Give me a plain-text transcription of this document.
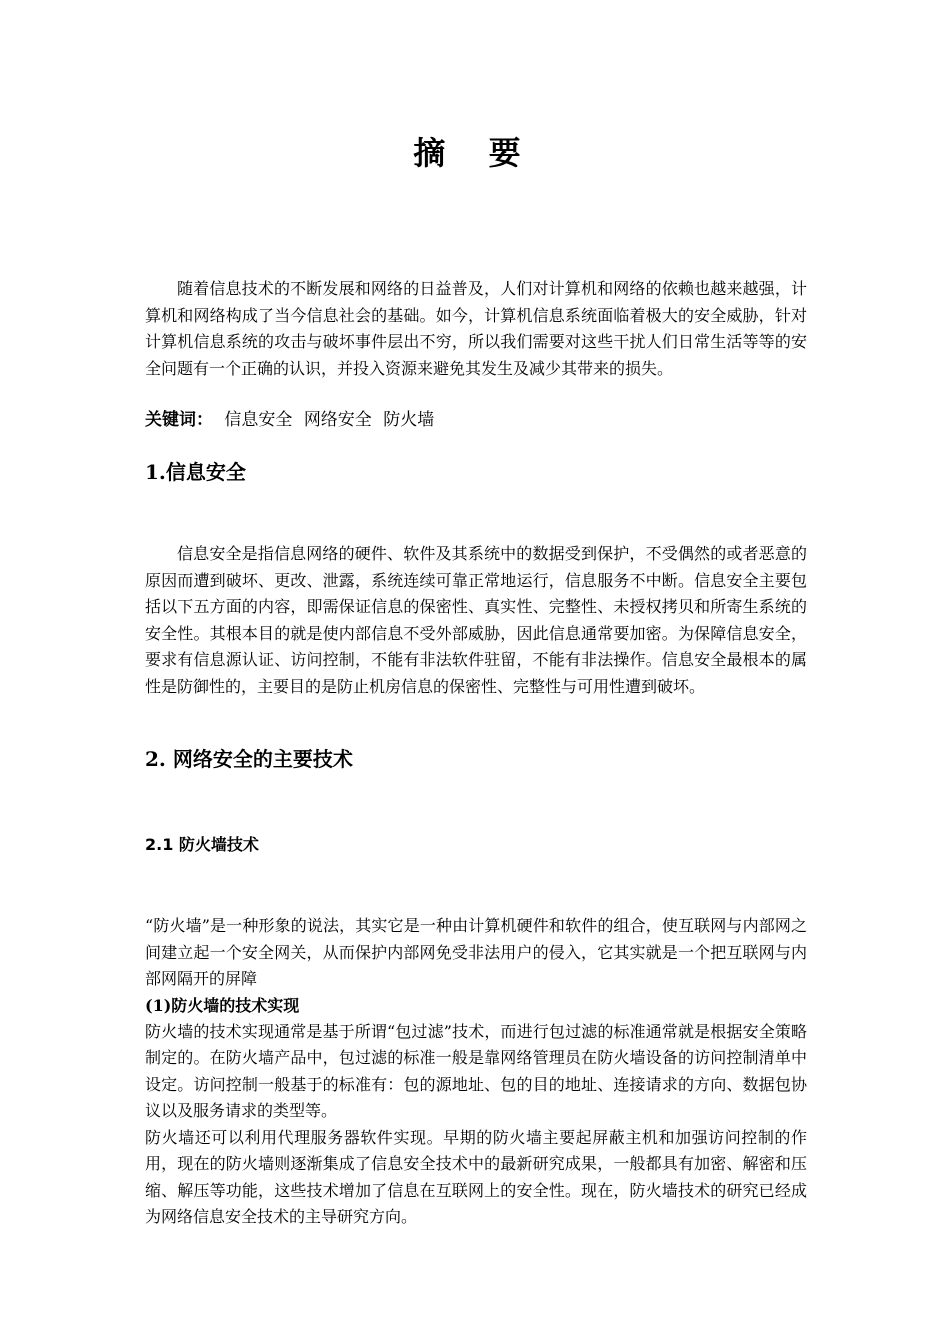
摘 要

随着信息技术的不断发展和网络的日益普及，人们对计算机和网络的依赖也越来越强，计算机和网络构成了当今信息社会的基础。如今，计算机信息系统面临着极大的安全威胁，针对计算机信息系统的攻击与破坏事件层出不穷，所以我们需要对这些干扰人们日常生活等等的安全问题有一个正确的认识，并投入资源来避免其发生及减少其带来的损失。

关键词： 信息安全 网络安全 防火墙
1.信息安全

信息安全是指信息网络的硬件、软件及其系统中的数据受到保护，不受偶然的或者恶意的原因而遭到破坏、更改、泄露，系统连续可靠正常地运行，信息服务不中断。信息安全主要包括以下五方面的内容，即需保证信息的保密性、真实性、完整性、未授权拷贝和所寄生系统的安全性。其根本目的就是使内部信息不受外部威胁，因此信息通常要加密。为保障信息安全，要求有信息源认证、访问控制，不能有非法软件驻留，不能有非法操作。信息安全最根本的属性是防御性的，主要目的是防止机房信息的保密性、完整性与可用性遭到破坏。

2. 网络安全的主要技术
2.1 防火墙技术

“防火墙”是一种形象的说法，其实它是一种由计算机硬件和软件的组合，使互联网与内部网之间建立起一个安全网关，从而保护内部网免受非法用户的侵入，它其实就是一个把互联网与内部网隔开的屏障

(1)防火墙的技术实现

防火墙的技术实现通常是基于所谓“包过滤”技术，而进行包过滤的标准通常就是根据安全策略制定的。在防火墙产品中，包过滤的标准一般是靠网络管理员在防火墙设备的访问控制清单中设定。访问控制一般基于的标准有：包的源地址、包的目的地址、连接请求的方向、数据包协议以及服务请求的类型等。

防火墙还可以利用代理服务器软件实现。早期的防火墙主要起屏蔽主机和加强访问控制的作用，现在的防火墙则逐渐集成了信息安全技术中的最新研究成果，一般都具有加密、解密和压缩、解压等功能，这些技术增加了信息在互联网上的安全性。现在，防火墙技术的研究已经成为网络信息安全技术的主导研究方向。
